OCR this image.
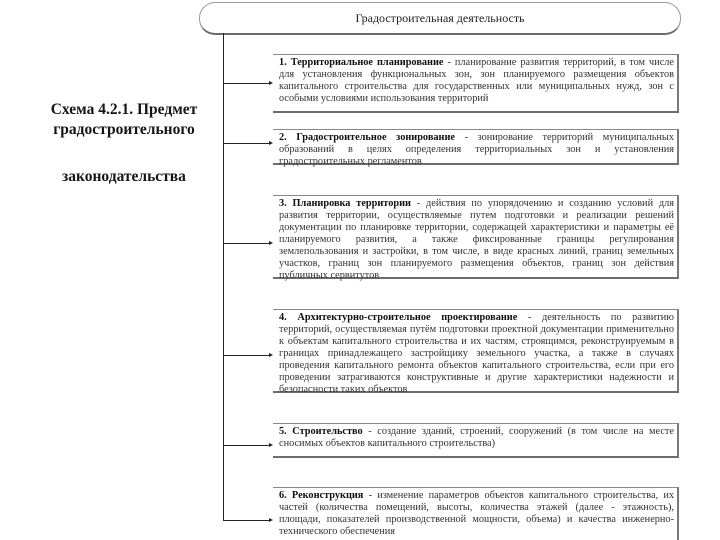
Схема 4.2.1. Предмет
градостроительного
законодательства
Градостроительная деятельность
1. Территориальное планирование - планирование развития территорий, в том числе для установления функциональных зон, зон планируемого размещения объектов капитального строительства для государственных или муниципальных нужд, зон с особыми условиями использования территорий
2. Градостроительное зонирование - зонирование территорий муниципальных образований в целях определения территориальных зон и установления градостроительных регламентов
3. Планировка территории - действия по упорядочению и созданию условий для развития территории, осуществляемые путем подготовки и реализации решений документации по планировке территории, содержащей характеристики и параметры её планируемого развития, а также фиксированные границы регулирования землепользования и застройки, в том числе, в виде красных линий, границ земельных участков, границ зон планируемого размещения объектов, границ зон действия публичных сервитутов
4. Архитектурно-строительное проектирование - деятельность по развитию территорий, осуществляемая путём подготовки проектной документации применительно к объектам капитального строительства и их частям, строящимся, реконструируемым в границах принадлежащего застройщику земельного участка, а также в случаях проведения капитального ремонта объектов капитального строительства, если при его проведении затрагиваются конструктивные и другие характеристики надежности и безопасности таких объектов
5. Строительство - создание зданий, строений, сооружений (в том числе на месте сносимых объектов капитального строительства)
6. Реконструкция - изменение параметров объектов капитального строительства, их частей (количества помещений, высоты, количества этажей (далее - этажность), площади, показателей производственной мощности, объема) и качества инженерно-технического обеспечения
